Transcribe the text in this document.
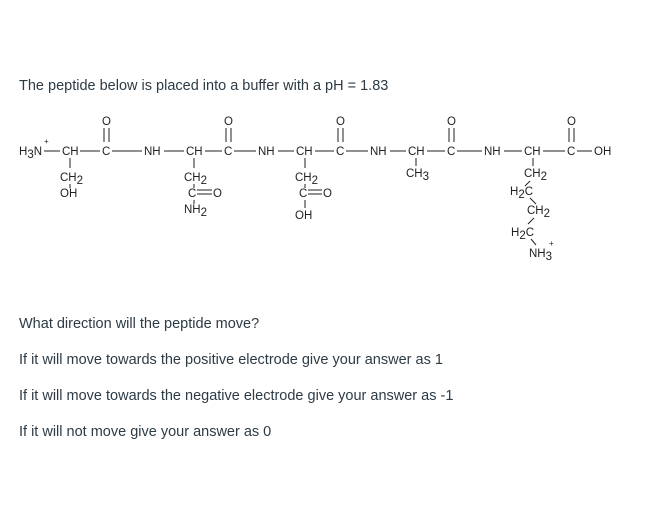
The peptide below is placed into a buffer with a pH = 1.83

H3N
+
CH C
O
CH2
OH
NH CH C
O
CH2
C O
NH2
NH CH C
O
CH2
C O
OH
NH CH C
O
CH3
NH CH C
O
OH
CH2
H2C
CH2
H2C
NH3
+

What direction will the peptide move?

If it will move towards the positive electrode give your answer as 1

If it will move towards the negative electrode give your answer as -1

If it will not move give your answer as 0
